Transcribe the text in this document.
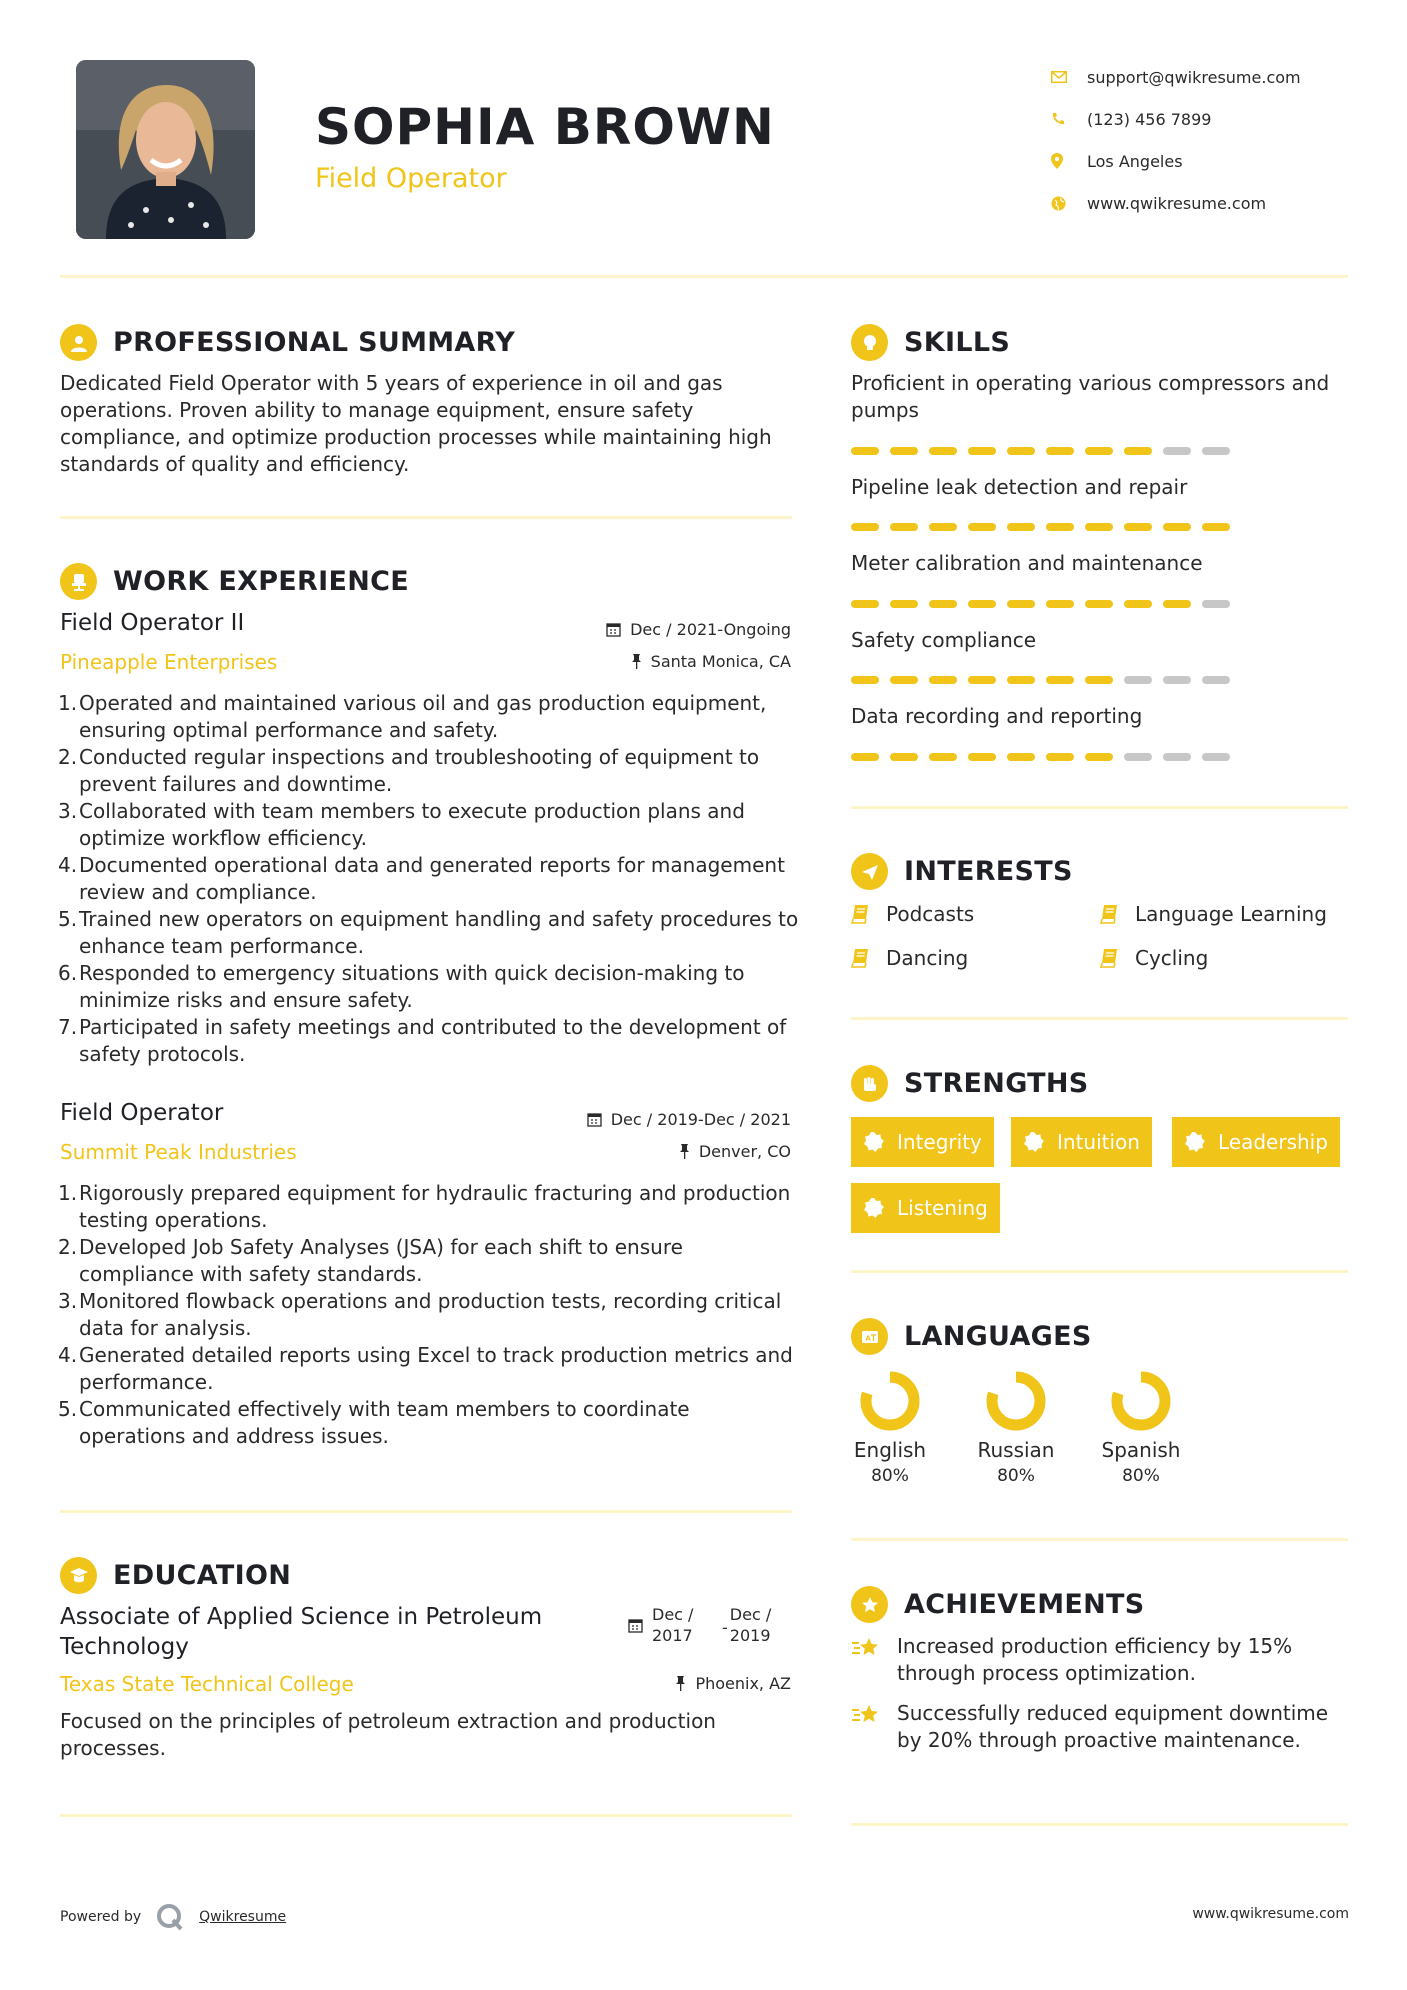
SOPHIA BROWN
Field Operator
support@qwikresume.com
(123) 456 7899
Los Angeles
www.qwikresume.com
PROFESSIONAL SUMMARY
Dedicated Field Operator with 5 years of experience in oil and gas operations. Proven ability to manage equipment, ensure safety compliance, and optimize production processes while maintaining high standards of quality and efficiency.
WORK EXPERIENCE
Field Operator II	Dec / 2021-Ongoing
Pineapple Enterprises	Santa Monica, CA
1. Operated and maintained various oil and gas production equipment, ensuring optimal performance and safety.
2. Conducted regular inspections and troubleshooting of equipment to prevent failures and downtime.
3. Collaborated with team members to execute production plans and optimize workflow efficiency.
4. Documented operational data and generated reports for management review and compliance.
5. Trained new operators on equipment handling and safety procedures to enhance team performance.
6. Responded to emergency situations with quick decision-making to minimize risks and ensure safety.
7. Participated in safety meetings and contributed to the development of safety protocols.
Field Operator	Dec / 2019-Dec / 2021
Summit Peak Industries	Denver, CO
1. Rigorously prepared equipment for hydraulic fracturing and production testing operations.
2. Developed Job Safety Analyses (JSA) for each shift to ensure compliance with safety standards.
3. Monitored flowback operations and production tests, recording critical data for analysis.
4. Generated detailed reports using Excel to track production metrics and performance.
5. Communicated effectively with team members to coordinate operations and address issues.
EDUCATION
Associate of Applied Science in Petroleum Technology
Dec / 2017	-
Dec / 2019
Texas State Technical College	Phoenix, AZ
Focused on the principles of petroleum extraction and production processes.
SKILLS
Proficient in operating various compressors and pumps
Pipeline leak detection and repair
Meter calibration and maintenance
Safety compliance
Data recording and reporting
INTERESTS
Podcasts	Language Learning
Dancing	Cycling
STRENGTHS
Integrity	Intuition	Leadership
Listening
A LANGUAGES
English
80%
Russian
80%
Spanish
80%
ACHIEVEMENTS
Increased production efficiency by 15% through process optimization.
Successfully reduced equipment downtime by 20% through proactive maintenance.
Powered by	Qwikresume	www.qwikresume.com
